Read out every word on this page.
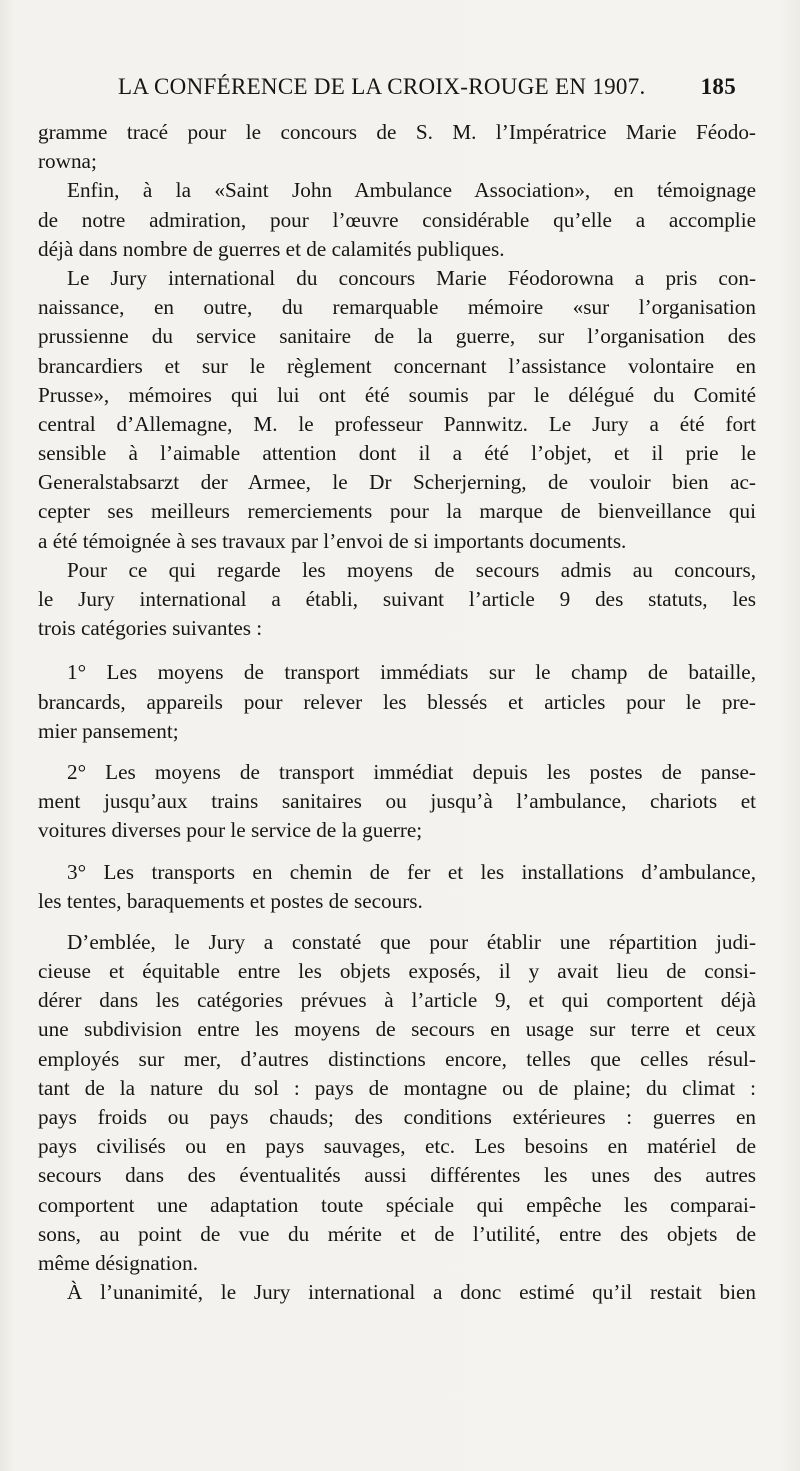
LA CONFÉRENCE DE LA CROIX-ROUGE EN 1907. 185
gramme tracé pour le concours de S. M. l’Impératrice Marie Féodo-
rowna;
Enfin, à la «Saint John Ambulance Association», en témoignage
de notre admiration, pour l’œuvre considérable qu’elle a accomplie
déjà dans nombre de guerres et de calamités publiques.
Le Jury international du concours Marie Féodorowna a pris con-
naissance, en outre, du remarquable mémoire «sur l’organisation
prussienne du service sanitaire de la guerre, sur l’organisation des
brancardiers et sur le règlement concernant l’assistance volontaire en
Prusse», mémoires qui lui ont été soumis par le délégué du Comité
central d’Allemagne, M. le professeur Pannwitz. Le Jury a été fort
sensible à l’aimable attention dont il a été l’objet, et il prie le
Generalstabsarzt der Armee, le Dr Scherjerning, de vouloir bien ac-
cepter ses meilleurs remerciements pour la marque de bienveillance qui
a été témoignée à ses travaux par l’envoi de si importants documents.
Pour ce qui regarde les moyens de secours admis au concours,
le Jury international a établi, suivant l’article 9 des statuts, les
trois catégories suivantes :
1° Les moyens de transport immédiats sur le champ de bataille,
brancards, appareils pour relever les blessés et articles pour le pre-
mier pansement;
2° Les moyens de transport immédiat depuis les postes de panse-
ment jusqu’aux trains sanitaires ou jusqu’à l’ambulance, chariots et
voitures diverses pour le service de la guerre;
3° Les transports en chemin de fer et les installations d’ambulance,
les tentes, baraquements et postes de secours.
D’emblée, le Jury a constaté que pour établir une répartition judi-
cieuse et équitable entre les objets exposés, il y avait lieu de consi-
dérer dans les catégories prévues à l’article 9, et qui comportent déjà
une subdivision entre les moyens de secours en usage sur terre et ceux
employés sur mer, d’autres distinctions encore, telles que celles résul-
tant de la nature du sol : pays de montagne ou de plaine; du climat :
pays froids ou pays chauds; des conditions extérieures : guerres en
pays civilisés ou en pays sauvages, etc. Les besoins en matériel de
secours dans des éventualités aussi différentes les unes des autres
comportent une adaptation toute spéciale qui empêche les comparai-
sons, au point de vue du mérite et de l’utilité, entre des objets de
même désignation.
À l’unanimité, le Jury international a donc estimé qu’il restait bien
